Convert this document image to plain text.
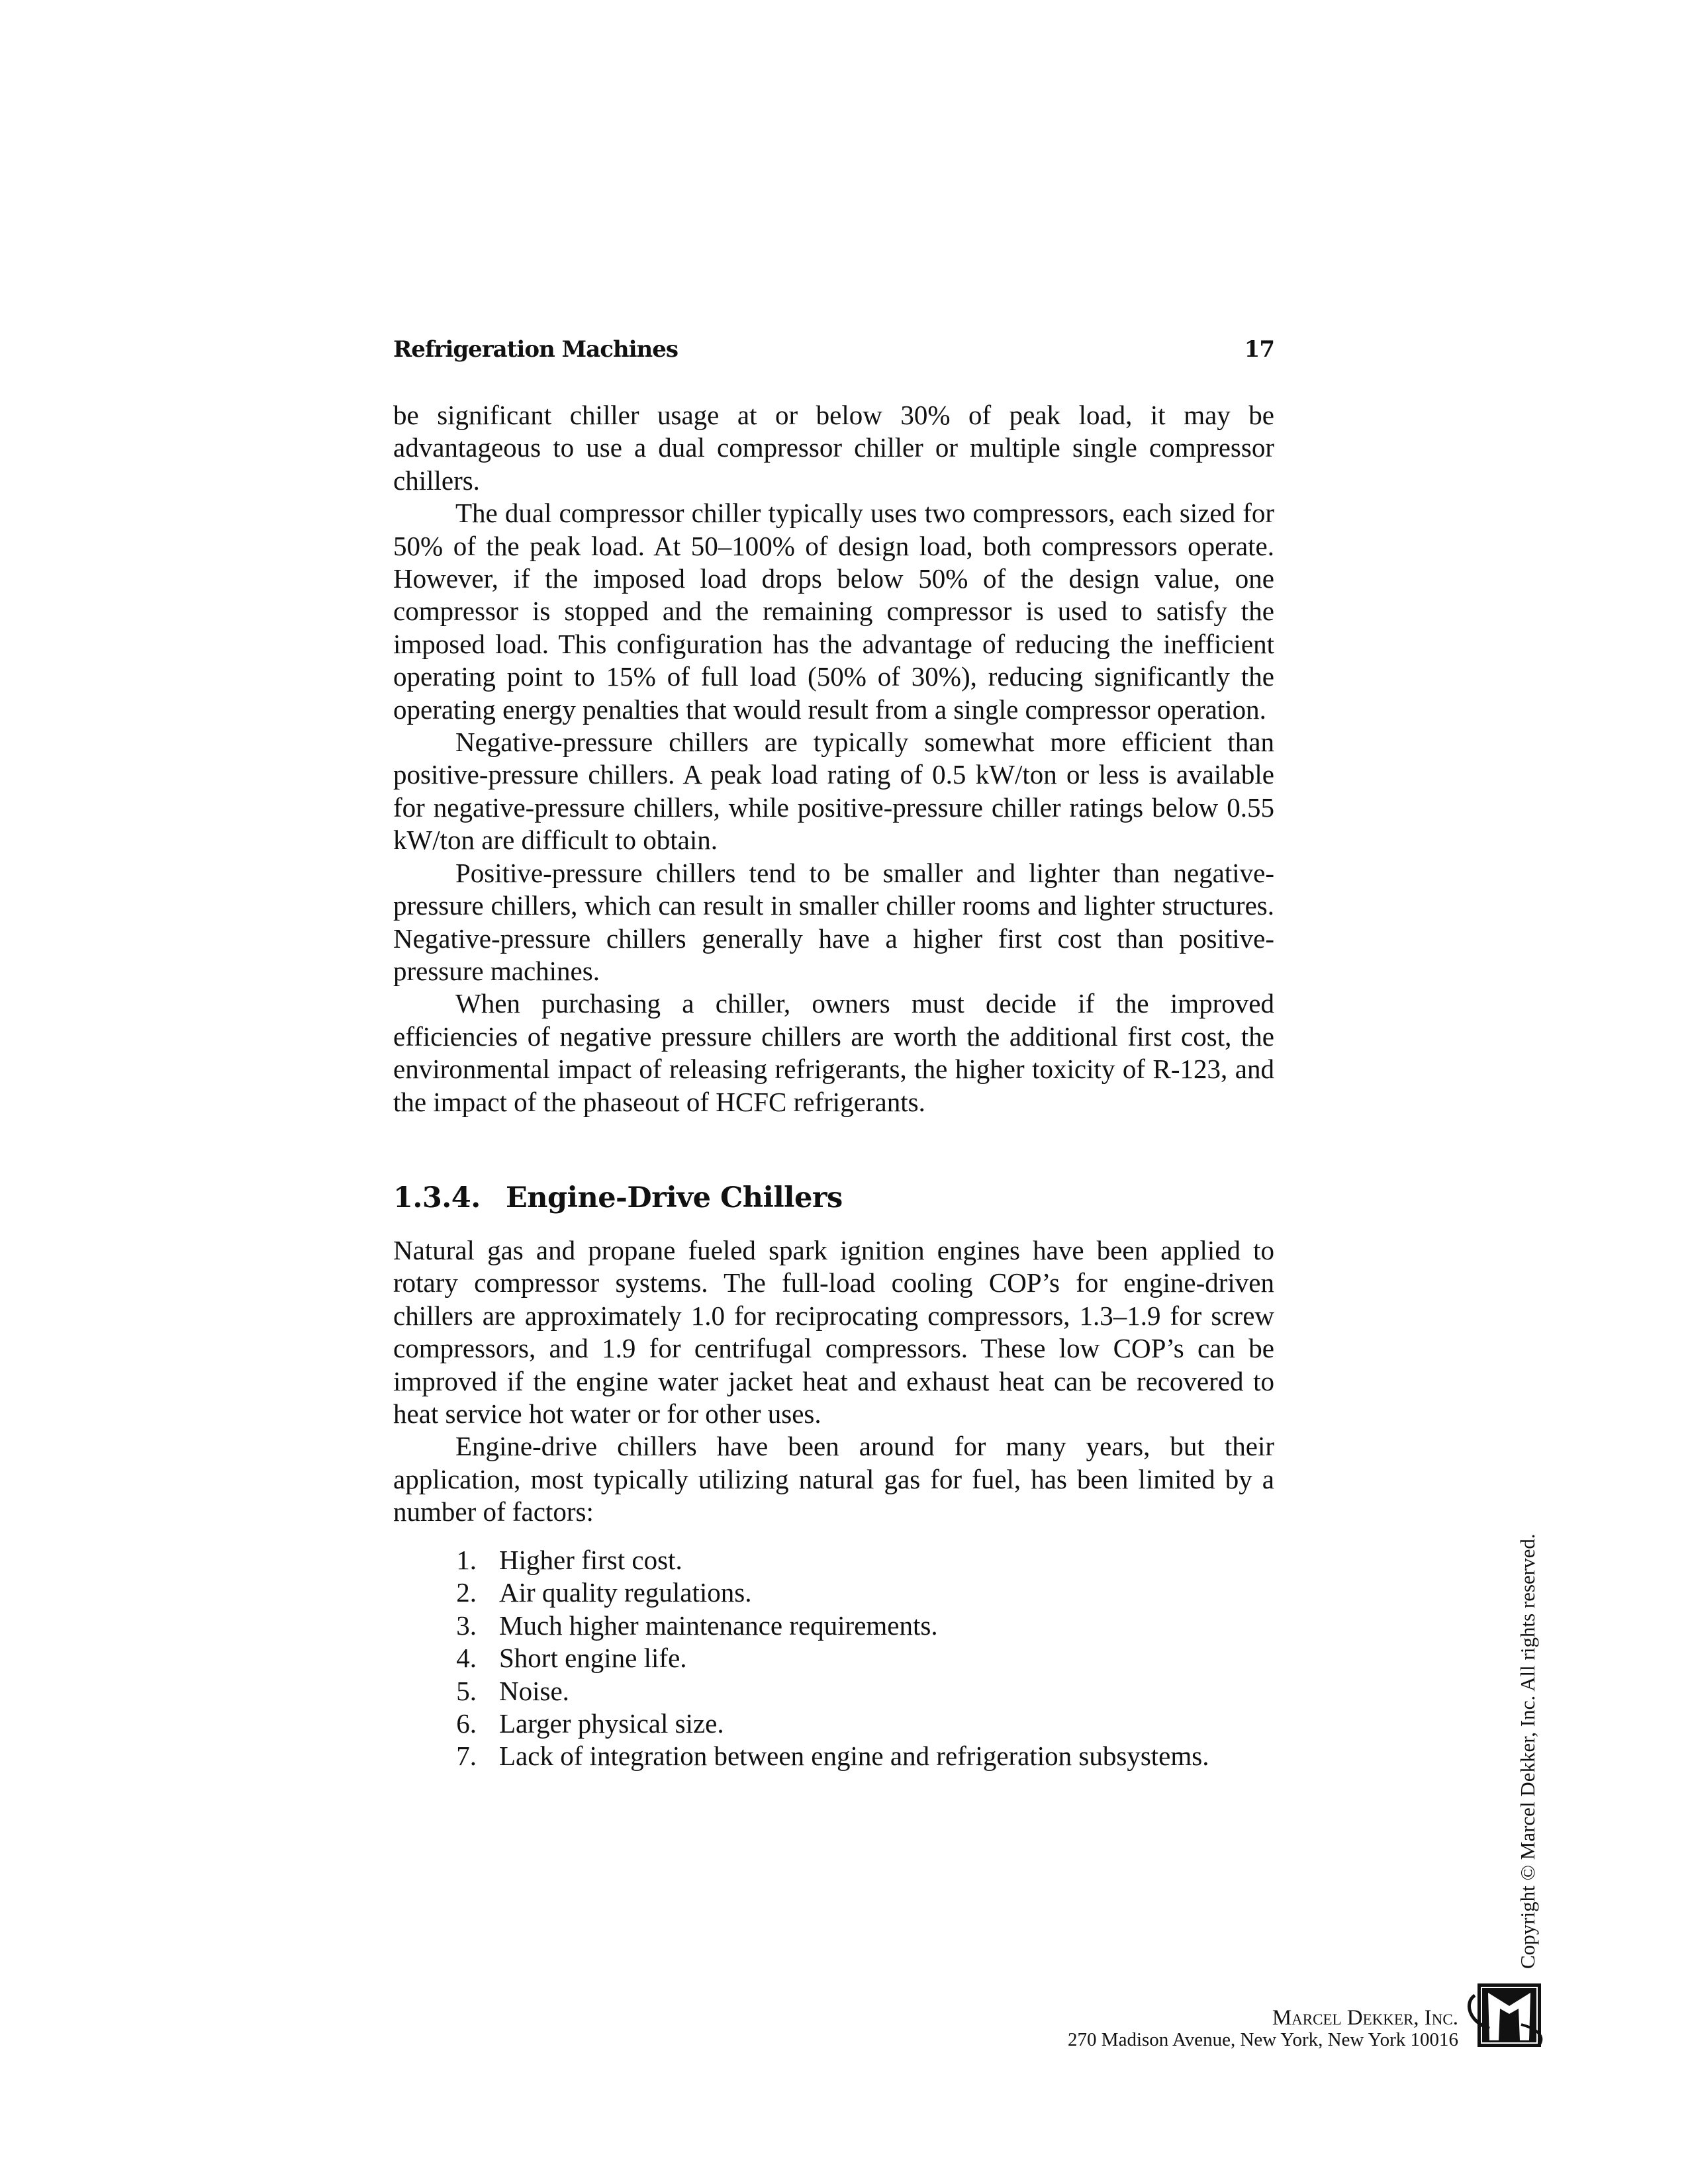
Refrigeration Machines	17

be significant chiller usage at or below 30% of peak load, it may be advantageous to use a dual compressor chiller or multiple single compressor chillers.

The dual compressor chiller typically uses two compressors, each sized for 50% of the peak load. At 50–100% of design load, both compressors operate. However, if the imposed load drops below 50% of the design value, one compressor is stopped and the remaining compressor is used to satisfy the imposed load. This configuration has the advantage of reducing the inefficient operating point to 15% of full load (50% of 30%), reducing significantly the operating energy penalties that would result from a single compressor operation.

Negative-pressure chillers are typically somewhat more efficient than positive-pressure chillers. A peak load rating of 0.5 kW/ton or less is available for negative-pressure chillers, while positive-pressure chiller ratings below 0.55 kW/ton are difficult to obtain.

Positive-pressure chillers tend to be smaller and lighter than negative-pressure chillers, which can result in smaller chiller rooms and lighter structures. Negative-pressure chillers generally have a higher first cost than positive-pressure machines.

When purchasing a chiller, owners must decide if the improved efficiencies of negative pressure chillers are worth the additional first cost, the environmental impact of releasing refrigerants, the higher toxicity of R-123, and the impact of the phaseout of HCFC refrigerants.

1.3.4. Engine-Drive Chillers

Natural gas and propane fueled spark ignition engines have been applied to rotary compressor systems. The full-load cooling COP’s for engine-driven chillers are approximately 1.0 for reciprocating compressors, 1.3–1.9 for screw compressors, and 1.9 for centrifugal compressors. These low COP’s can be improved if the engine water jacket heat and exhaust heat can be recovered to heat service hot water or for other uses.

Engine-drive chillers have been around for many years, but their application, most typically utilizing natural gas for fuel, has been limited by a number of factors:

1. Higher first cost.
2. Air quality regulations.
3. Much higher maintenance requirements.
4. Short engine life.
5. Noise.
6. Larger physical size.
7. Lack of integration between engine and refrigeration subsystems.	Copyright © Marcel Dekker, Inc. All rights reserved.
Marcel Dekker, Inc.
270 Madison Avenue, New York, New York 10016
